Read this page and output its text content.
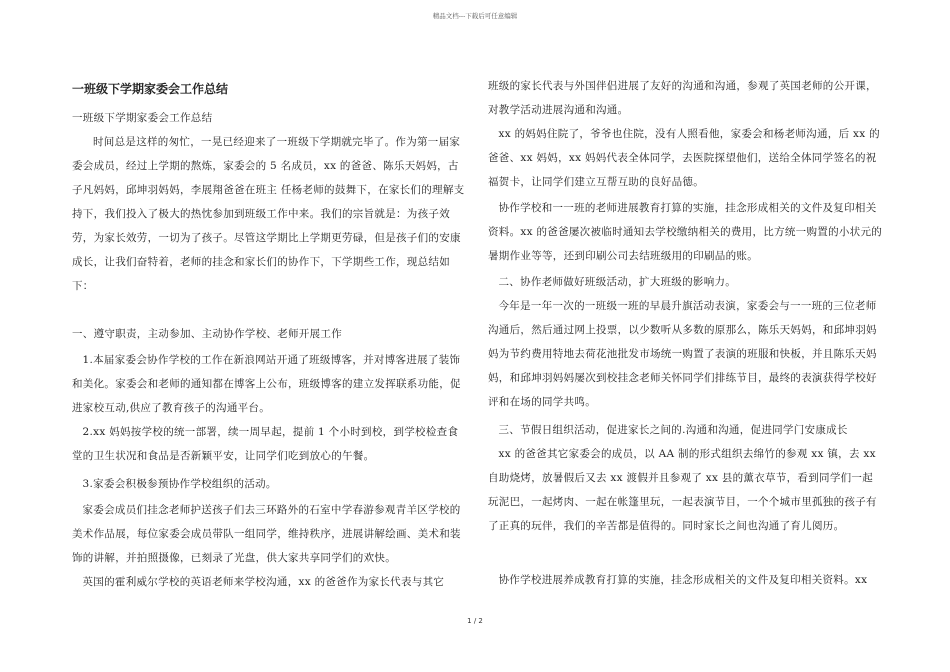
精品文档---下载后可任意编辑
一班级下学期家委会工作总结

一班级下学期家委会工作总结

时间总是这样的匆忙，一晃已经迎来了一班级下学期就完毕了。作为第一届家委会成员，经过上学期的熬炼，家委会的 5 名成员，xx 的爸爸、陈乐天妈妈，古子凡妈妈，邱坤羽妈妈，李展翔爸爸在班主 任杨老师的鼓舞下，在家长们的理解支持下，我们投入了极大的热忱参加到班级工作中来。我们的宗旨就是：为孩子效劳，为家长效劳，一切为了孩子。尽管这学期比上学期更劳碌，但是孩子们的安康成长，让我们奋特着，老师的挂念和家长们的协作下，下学期些工作，现总结如下：

一、遵守职责，主动参加、主动协作学校、老师开展工作

1.本届家委会协作学校的工作在新浪网站开通了班级博客，并对博客进展了装饰和美化。家委会和老师的通知都在博客上公布，班级博客的建立发挥联系功能，促进家校互动,供应了教育孩子的沟通平台。

2.xx 妈妈按学校的统一部署，续一周早起，提前 1 个小时到校，到学校检查食堂的卫生状况和食品是否新颖平安，让同学们吃到放心的午餐。

3.家委会积极参预协作学校组织的活动。

家委会成员们挂念老师护送孩子们去三环路外的石室中学春游参观青羊区学校的美术作品展，每位家委会成员带队一组同学，维持秩序，进展讲解绘画、美术和装饰的讲解，并拍照摄像，已刻录了光盘，供大家共享同学们的欢快。

英国的霍利威尔学校的英语老师来学校沟通，xx 的爸爸作为家长代表与其它

班级的家长代表与外国伴侣进展了友好的沟通和沟通，参观了英国老师的公开课，对教学活动进展沟通和沟通。

xx 的妈妈住院了，爷爷也住院，没有人照看他，家委会和杨老师沟通，后 xx 的爸爸、xx 妈妈，xx 妈妈代表全体同学，去医院探望他们，送给全体同学签名的祝福贺卡，让同学们建立互帮互助的良好品德。

协作学校和一一班的老师进展教育打算的实施，挂念形成相关的文件及复印相关资料。xx 的爸爸屡次被临时通知去学校缴纳相关的费用，比方统一购置的小状元的暑期作业等等，还到印刷公司去结班级用的印刷品的账。

二、协作老师做好班级活动，扩大班级的影响力。

今年是一年一次的一班级一班的早晨升旗活动表演，家委会与一一班的三位老师沟通后，然后通过网上投票，以少数听从多数的原那么，陈乐天妈妈，和邱坤羽妈妈为节约费用特地去荷花池批发市场统一购置了表演的班服和快板，并且陈乐天妈妈，和邱坤羽妈妈屡次到校挂念老师关怀同学们排练节目，最终的表演获得学校好评和在场的同学共鸣。

三、节假日组织活动，促进家长之间的.沟通和沟通，促进同学门安康成长

xx 的爸爸其它家委会的成员，以 AA 制的形式组织去绵竹的参观 xx 镇，去 xx 自助烧烤，放暑假后又去 xx 渡假并且参观了 xx 县的薰衣草节，看到同学们一起玩泥巴，一起烤肉、一起在帐篷里玩，一起表演节目，一个个城市里孤独的孩子有了正真的玩伴，我们的辛苦都是值得的。同时家长之间也沟通了育儿阅历。

协作学校进展养成教育打算的实施，挂念形成相关的文件及复印相关资料。xx

1 / 2
